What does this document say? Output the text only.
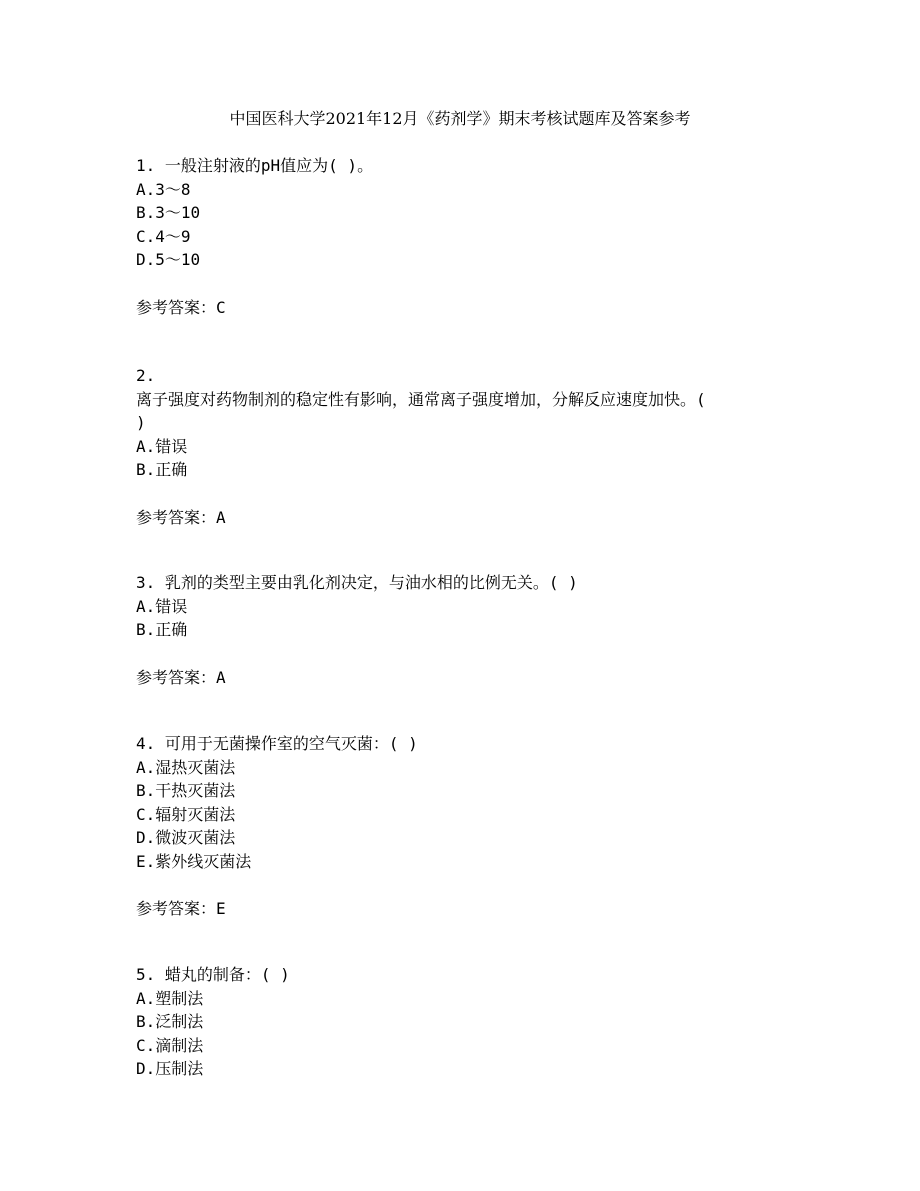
中国医科大学2021年12月《药剂学》期末考核试题库及答案参考
1. 一般注射液的pH值应为( )。
A.3～8
B.3～10
C.4～9
D.5～10
参考答案：C
2.
离子强度对药物制剂的稳定性有影响，通常离子强度增加，分解反应速度加快。(
)
A.错误
B.正确
参考答案：A
3. 乳剂的类型主要由乳化剂决定，与油水相的比例无关。( )
A.错误
B.正确
参考答案：A
4. 可用于无菌操作室的空气灭菌：( )
A.湿热灭菌法
B.干热灭菌法
C.辐射灭菌法
D.微波灭菌法
E.紫外线灭菌法
参考答案：E
5. 蜡丸的制备：( )
A.塑制法
B.泛制法
C.滴制法
D.压制法
